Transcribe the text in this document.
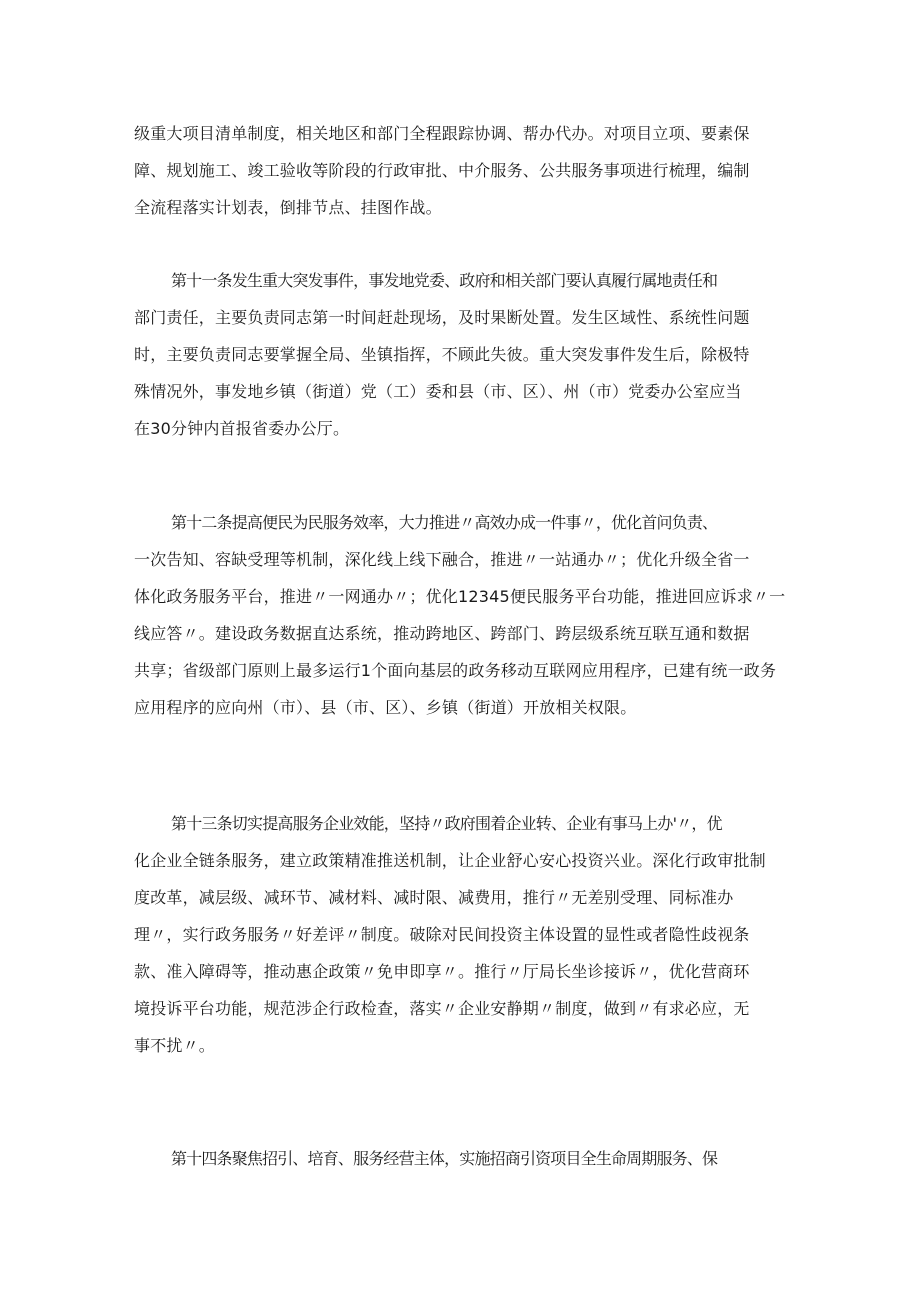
级重大项目清单制度，相关地区和部门全程跟踪协调、帮办代办。对项目立项、要素保
障、规划施工、竣工验收等阶段的行政审批、中介服务、公共服务事项进行梳理，编制
全流程落实计划表，倒排节点、挂图作战。
第十一条发生重大突发事件，事发地党委、政府和相关部门要认真履行属地责任和
部门责任，主要负责同志第一时间赶赴现场，及时果断处置。发生区域性、系统性问题
时，主要负责同志要掌握全局、坐镇指挥，不顾此失彼。重大突发事件发生后，除极特
殊情况外，事发地乡镇（街道）党（工）委和县（市、区）、州（市）党委办公室应当
在30分钟内首报省委办公厅。
第十二条提高便民为民服务效率，大力推进〃高效办成一件事〃，优化首问负责、
一次告知、容缺受理等机制，深化线上线下融合，推进〃一站通办〃；优化升级全省一
体化政务服务平台，推进〃一网通办〃；优化12345便民服务平台功能，推进回应诉求〃一
线应答〃。建设政务数据直达系统，推动跨地区、跨部门、跨层级系统互联互通和数据
共享；省级部门原则上最多运行1个面向基层的政务移动互联网应用程序，已建有统一政务
应用程序的应向州（市）、县（市、区）、乡镇（街道）开放相关权限。
第十三条切实提高服务企业效能，坚持〃政府围着企业转、企业有事马上办'〃，优
化企业全链条服务，建立政策精准推送机制，让企业舒心安心投资兴业。深化行政审批制
度改革，减层级、减环节、减材料、减时限、减费用，推行〃无差别受理、同标准办
理〃，实行政务服务〃好差评〃制度。破除对民间投资主体设置的显性或者隐性歧视条
款、准入障碍等，推动惠企政策〃免申即享〃。推行〃厅局长坐诊接诉〃，优化营商环
境投诉平台功能，规范涉企行政检查，落实〃企业安静期〃制度，做到〃有求必应，无
事不扰〃。
第十四条聚焦招引、培育、服务经营主体，实施招商引资项目全生命周期服务、保
